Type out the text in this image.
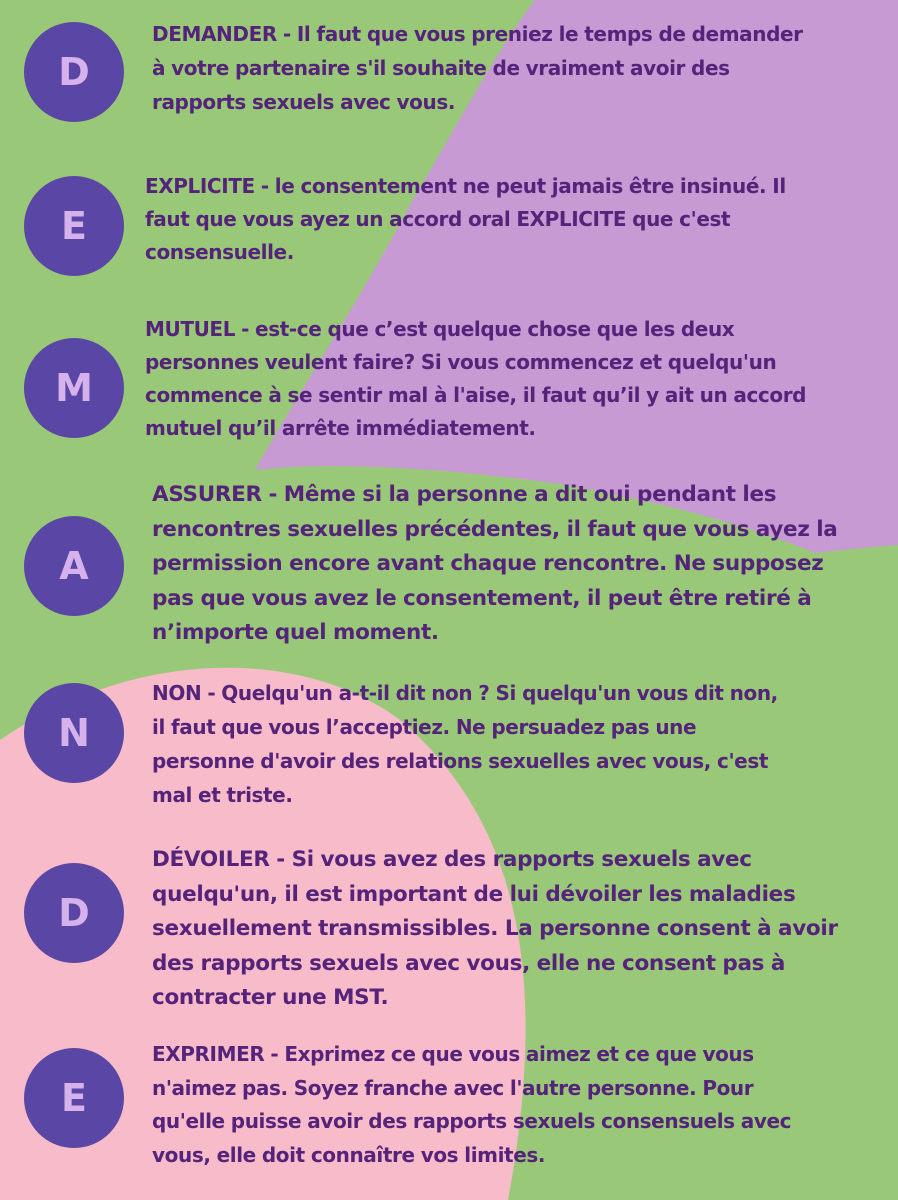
D

DEMANDER - Il faut que vous preniez le temps de demander
à votre partenaire s'il souhaite de vraiment avoir des
rapports sexuels avec vous.

E

EXPLICITE - le consentement ne peut jamais être insinué. Il
faut que vous ayez un accord oral EXPLICITE que c'est
consensuelle.

M

MUTUEL - est-ce que c’est quelque chose que les deux
personnes veulent faire? Si vous commencez et quelqu'un
commence à se sentir mal à l'aise, il faut qu’il y ait un accord
mutuel qu’il arrête immédiatement.

A

ASSURER - Même si la personne a dit oui pendant les
rencontres sexuelles précédentes, il faut que vous ayez la
permission encore avant chaque rencontre. Ne supposez
pas que vous avez le consentement, il peut être retiré à
n’importe quel moment.

N

NON - Quelqu'un a-t-il dit non ? Si quelqu'un vous dit non,
il faut que vous l’acceptiez. Ne persuadez pas une
personne d'avoir des relations sexuelles avec vous, c'est
mal et triste.

D

DÉVOILER - Si vous avez des rapports sexuels avec
quelqu'un, il est important de lui dévoiler les maladies
sexuellement transmissibles. La personne consent à avoir
des rapports sexuels avec vous, elle ne consent pas à
contracter une MST.

E

EXPRIMER - Exprimez ce que vous aimez et ce que vous
n'aimez pas. Soyez franche avec l'autre personne. Pour
qu'elle puisse avoir des rapports sexuels consensuels avec
vous, elle doit connaître vos limites.
